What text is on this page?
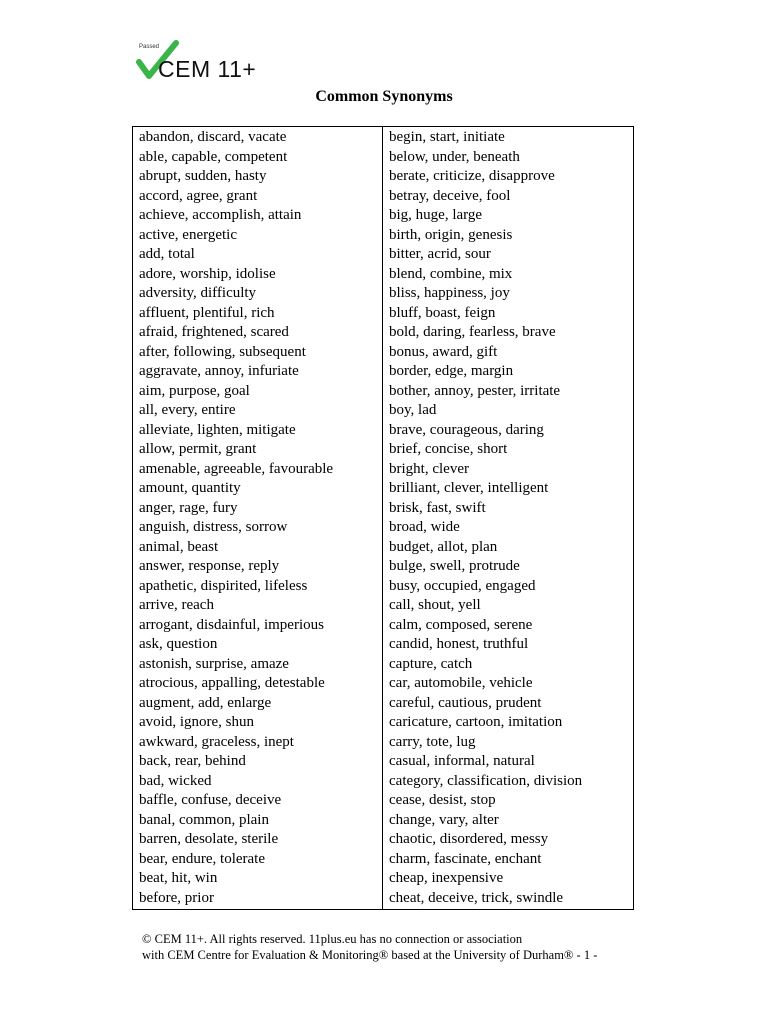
Passed
CEM 11+
Common Synonyms
abandon, discard, vacate
able, capable, competent
abrupt, sudden, hasty
accord, agree, grant
achieve, accomplish, attain
active, energetic
add, total
adore, worship, idolise
adversity, difficulty
affluent, plentiful, rich
afraid, frightened, scared
after, following, subsequent
aggravate, annoy, infuriate
aim, purpose, goal
all, every, entire
alleviate, lighten, mitigate
allow, permit, grant
amenable, agreeable, favourable
amount, quantity
anger, rage, fury
anguish, distress, sorrow
animal, beast
answer, response, reply
apathetic, dispirited, lifeless
arrive, reach
arrogant, disdainful, imperious
ask, question
astonish, surprise, amaze
atrocious, appalling, detestable
augment, add, enlarge
avoid, ignore, shun
awkward, graceless, inept
back, rear, behind
bad, wicked
baffle, confuse, deceive
banal, common, plain
barren, desolate, sterile
bear, endure, tolerate
beat, hit, win
before, prior
begin, start, initiate
below, under, beneath
berate, criticize, disapprove
betray, deceive, fool
big, huge, large
birth, origin, genesis
bitter, acrid, sour
blend, combine, mix
bliss, happiness, joy
bluff, boast, feign
bold, daring, fearless, brave
bonus, award, gift
border, edge, margin
bother, annoy, pester, irritate
boy, lad
brave, courageous, daring
brief, concise, short
bright, clever
brilliant, clever, intelligent
brisk, fast, swift
broad, wide
budget, allot, plan
bulge, swell, protrude
busy, occupied, engaged
call, shout, yell
calm, composed, serene
candid, honest, truthful
capture, catch
car, automobile, vehicle
careful, cautious, prudent
caricature, cartoon, imitation
carry, tote, lug
casual, informal, natural
category, classification, division
cease, desist, stop
change, vary, alter
chaotic, disordered, messy
charm, fascinate, enchant
cheap, inexpensive
cheat, deceive, trick, swindle
© CEM 11+. All rights reserved. 11plus.eu has no connection or association
with CEM Centre for Evaluation & Monitoring® based at the University of Durham® - 1 -
